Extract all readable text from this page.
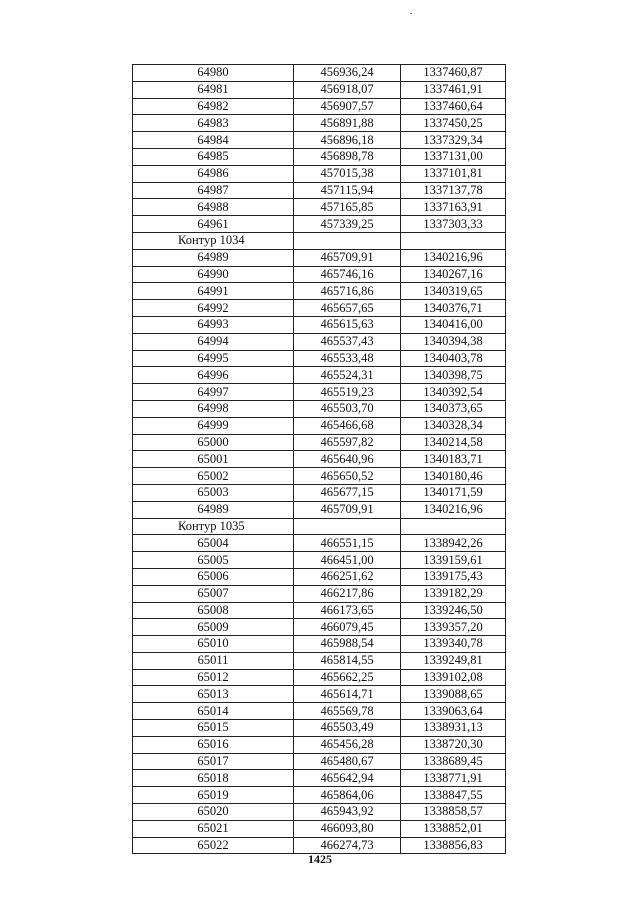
64980	456936,24	1337460,87
64981	456918,07	1337461,91
64982	456907,57	1337460,64
64983	456891,88	1337450,25
64984	456896,18	1337329,34
64985	456898,78	1337131,00
64986	457015,38	1337101,81
64987	457115,94	1337137,78
64988	457165,85	1337163,91
64961	457339,25	1337303,33
Контур 1034		
64989	465709,91	1340216,96
64990	465746,16	1340267,16
64991	465716,86	1340319,65
64992	465657,65	1340376,71
64993	465615,63	1340416,00
64994	465537,43	1340394,38
64995	465533,48	1340403,78
64996	465524,31	1340398,75
64997	465519,23	1340392,54
64998	465503,70	1340373,65
64999	465466,68	1340328,34
65000	465597,82	1340214,58
65001	465640,96	1340183,71
65002	465650,52	1340180,46
65003	465677,15	1340171,59
64989	465709,91	1340216,96
Контур 1035		
65004	466551,15	1338942,26
65005	466451,00	1339159,61
65006	466251,62	1339175,43
65007	466217,86	1339182,29
65008	466173,65	1339246,50
65009	466079,45	1339357,20
65010	465988,54	1339340,78
65011	465814,55	1339249,81
65012	465662,25	1339102,08
65013	465614,71	1339088,65
65014	465569,78	1339063,64
65015	465503,49	1338931,13
65016	465456,28	1338720,30
65017	465480,67	1338689,45
65018	465642,94	1338771,91
65019	465864,06	1338847,55
65020	465943,92	1338858,57
65021	466093,80	1338852,01
65022	466274,73	1338856,83
1425
